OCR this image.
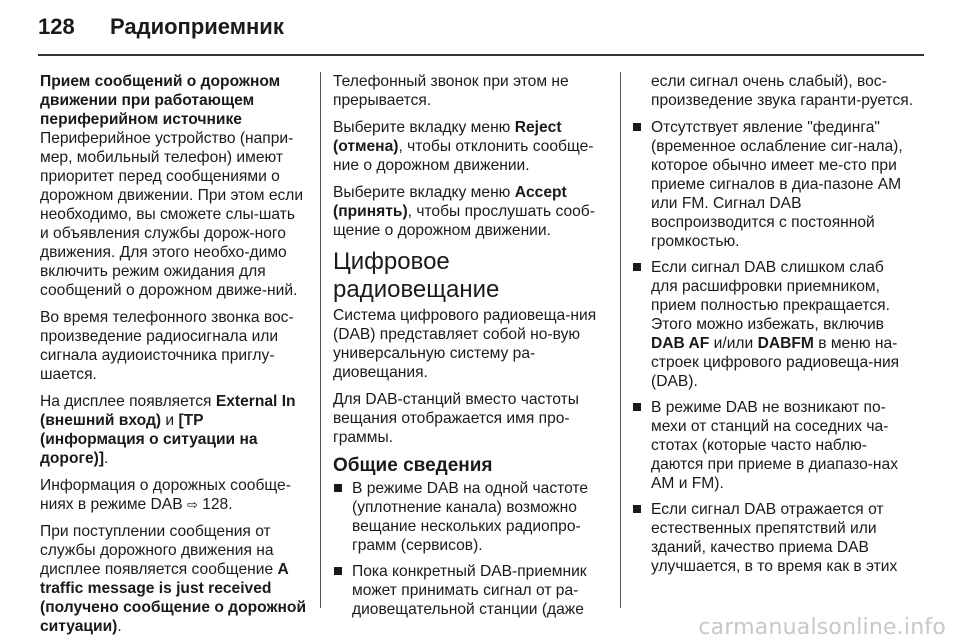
128	Радиоприемник
Прием сообщений о дорожном движении при работающем периферийном источнике

Периферийное устройство (напри-мер, мобильный телефон) имеют приоритет перед сообщениями о дорожном движении. При этом если необходимо, вы сможете слы-шать и объявления службы дорож-ного движения. Для этого необхо-димо включить режим ожидания для сообщений о дорожном движе-ний.

Во время телефонного звонка вос-произведение радиосигнала или сигнала аудиоисточника приглу-шается.

На дисплее появляется External In (внешний вход) и [TP (информация о ситуации на дороге)].

Информация о дорожных сообще-ниях в режиме DAB ⇨ 128.

При поступлении сообщения от службы дорожного движения на дисплее появляется сообщение A traffic message is just received (получено сообщение о дорожной ситуации).

Телефонный звонок при этом не прерывается.

Выберите вкладку меню Reject (отмена), чтобы отклонить сообще-ние о дорожном движении.

Выберите вкладку меню Accept (принять), чтобы прослушать сооб-щение о дорожном движении.

Цифровое радиовещание

Система цифрового радиовеща-ния (DAB) представляет собой но-вую универсальную систему ра-диовещания.

Для DAB-станций вместо частоты вещания отображается имя про-граммы.

Общие сведения
В режиме DAB на одной частоте (уплотнение канала) возможно вещание нескольких радиопро-грамм (сервисов).
Пока конкретный DAB-приемник может принимать сигнал от ра-диовещательной станции (даже

если сигнал очень слабый), вос-произведение звука гаранти-руется.

Отсутствует явление "фединга" (временное ослабление сиг-нала), которое обычно имеет ме-сто при приеме сигналов в диа-пазоне AM или FM. Сигнал DAB воспроизводится с постоянной громкостью.
Если сигнал DAB слишком слаб для расшифровки приемником, прием полностью прекращается. Этого можно избежать, включив DAB AF и/или DABFM в меню на-строек цифрового радиовеща-ния (DAB).
В режиме DAB не возникают по-мехи от станций на соседних ча-стотах (которые часто наблю-даются при приеме в диапазо-нах AM и FM).
Если сигнал DAB отражается от естественных препятствий или зданий, качество приема DAB улучшается, в то время как в этих
carmanualsonline.info
